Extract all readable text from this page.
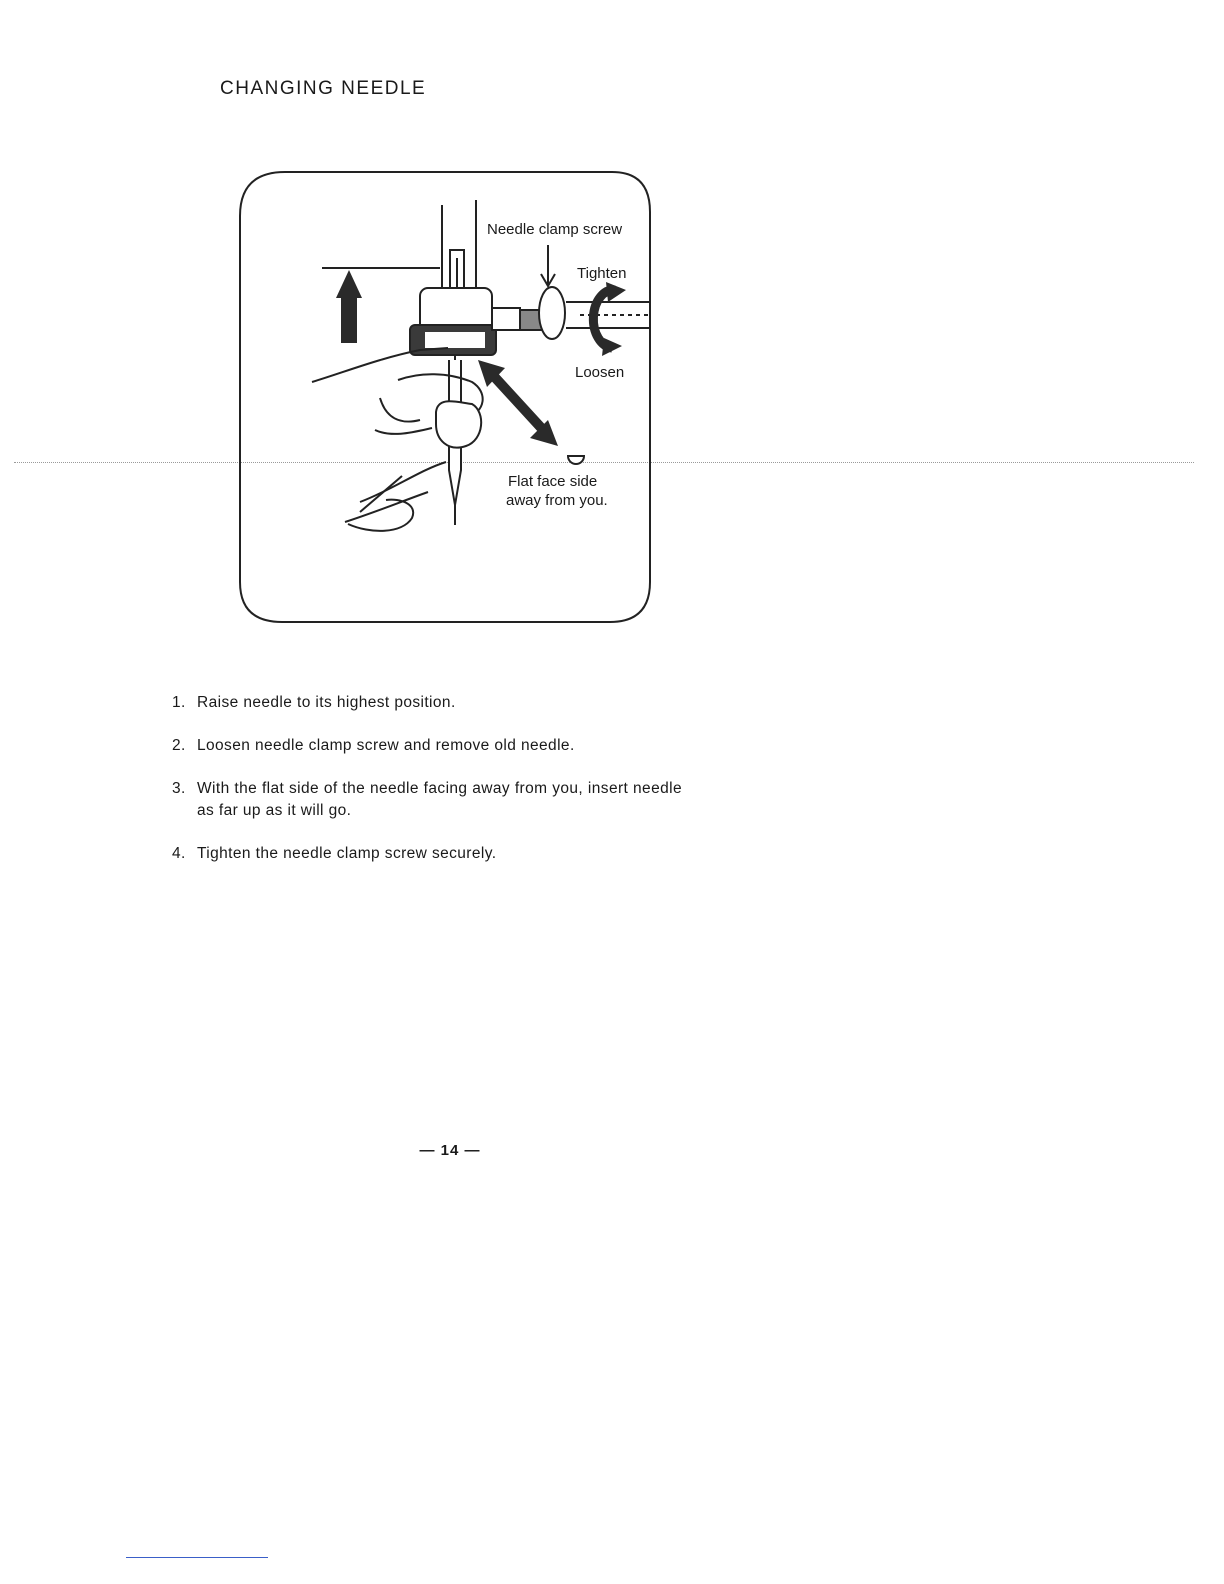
CHANGING NEEDLE
Needle clamp screw
Tighten
Loosen
Flat face side
away from you.
1. Raise needle to its highest position.
2. Loosen needle clamp screw and remove old needle.
3. With the flat side of the needle facing away from you, insert needle as far up as it will go.
4. Tighten the needle clamp screw securely.
— 14 —
